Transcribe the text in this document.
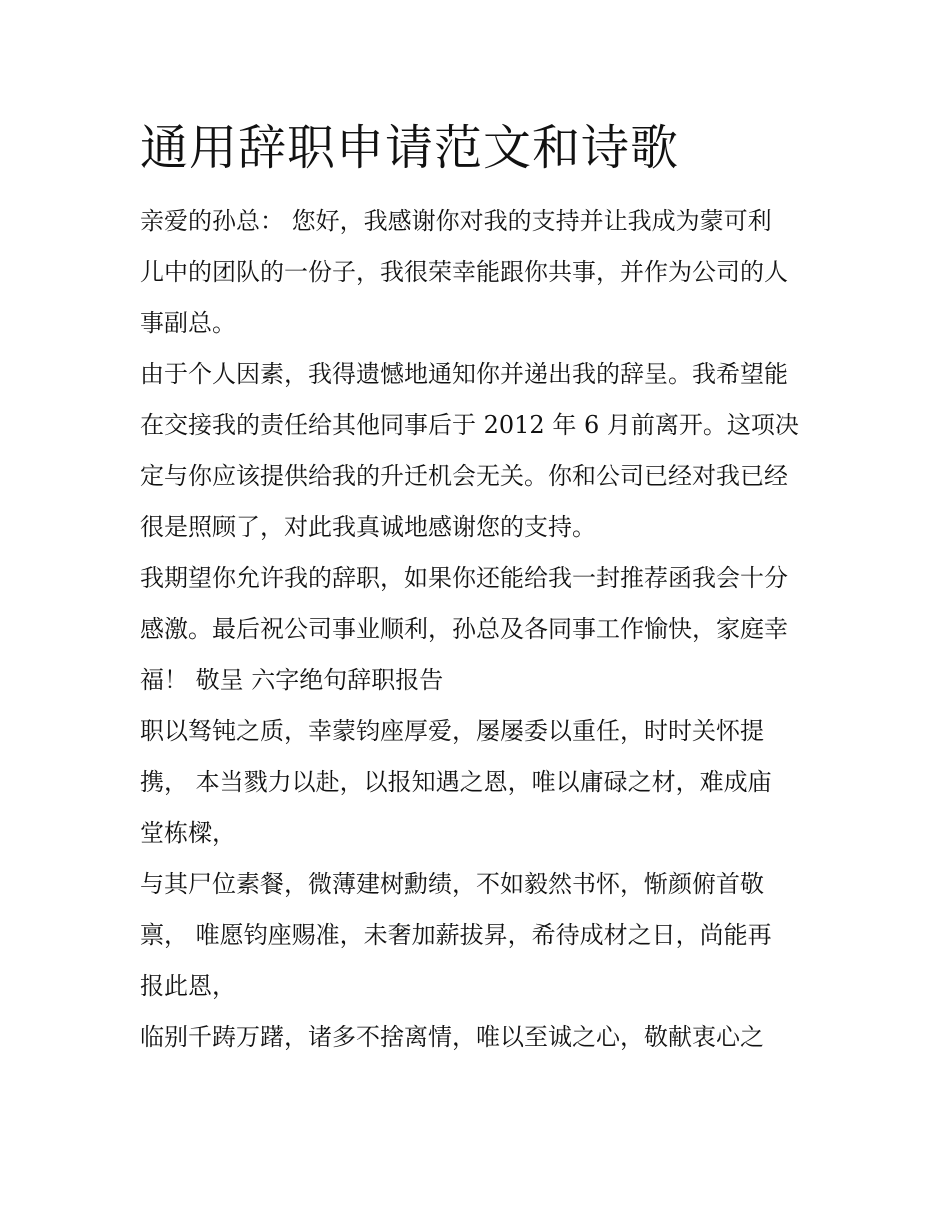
通用辞职申请范文和诗歌
亲爱的孙总： 您好，我感谢你对我的支持并让我成为蒙可利
儿中的团队的一份子，我很荣幸能跟你共事，并作为公司的人
事副总。
由于个人因素，我得遗憾地通知你并递出我的辞呈。我希望能
在交接我的责任给其他同事后于 2012 年 6 月前离开。这项决
定与你应该提供给我的升迁机会无关。你和公司已经对我已经
很是照顾了，对此我真诚地感谢您的支持。
我期望你允许我的辞职，如果你还能给我一封推荐函我会十分
感激。最后祝公司事业顺利，孙总及各同事工作愉快，家庭幸
福！ 敬呈 六字绝句辞职报告
职以驽钝之质，幸蒙钧座厚爱，屡屡委以重任，时时关怀提
携， 本当戮力以赴，以报知遇之恩，唯以庸碌之材，难成庙
堂栋樑，
与其尸位素餐，微薄建树勳绩，不如毅然书怀，惭颜俯首敬
禀， 唯愿钧座赐准，未奢加薪拔昇，希待成材之日，尚能再
报此恩，
临别千踌万躇，诸多不捨离情，唯以至诚之心，敬献衷心之
